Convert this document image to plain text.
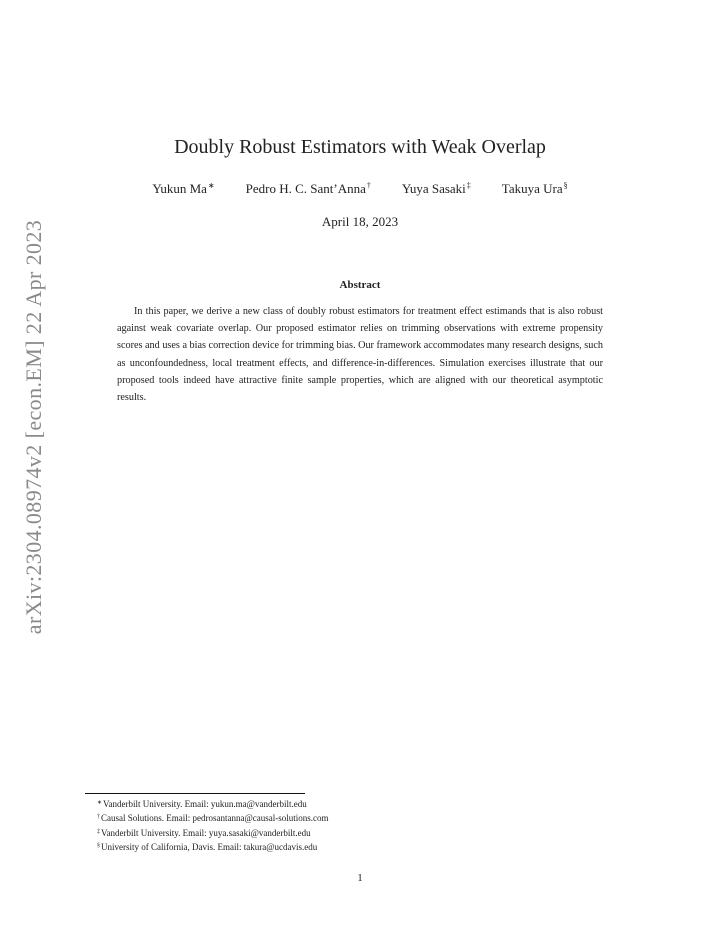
arXiv:2304.08974v2 [econ.EM] 22 Apr 2023
Doubly Robust Estimators with Weak Overlap
Yukun Ma∗ Pedro H. C. Sant’Anna† Yuya Sasaki‡ Takuya Ura§
April 18, 2023
Abstract

In this paper, we derive a new class of doubly robust estimators for treatment effect estimands that is also robust against weak covariate overlap. Our proposed estimator relies on trimming observations with extreme propensity scores and uses a bias correction device for trimming bias. Our framework accommodates many research designs, such as unconfoundedness, local treatment effects, and difference-in-differences. Simulation exercises illustrate that our proposed tools indeed have attractive finite sample properties, which are aligned with our theoretical asymptotic results.

∗Vanderbilt University. Email: yukun.ma@vanderbilt.edu
†Causal Solutions. Email: pedrosantanna@causal-solutions.com
‡Vanderbilt University. Email: yuya.sasaki@vanderbilt.edu
§University of California, Davis. Email: takura@ucdavis.edu
1
